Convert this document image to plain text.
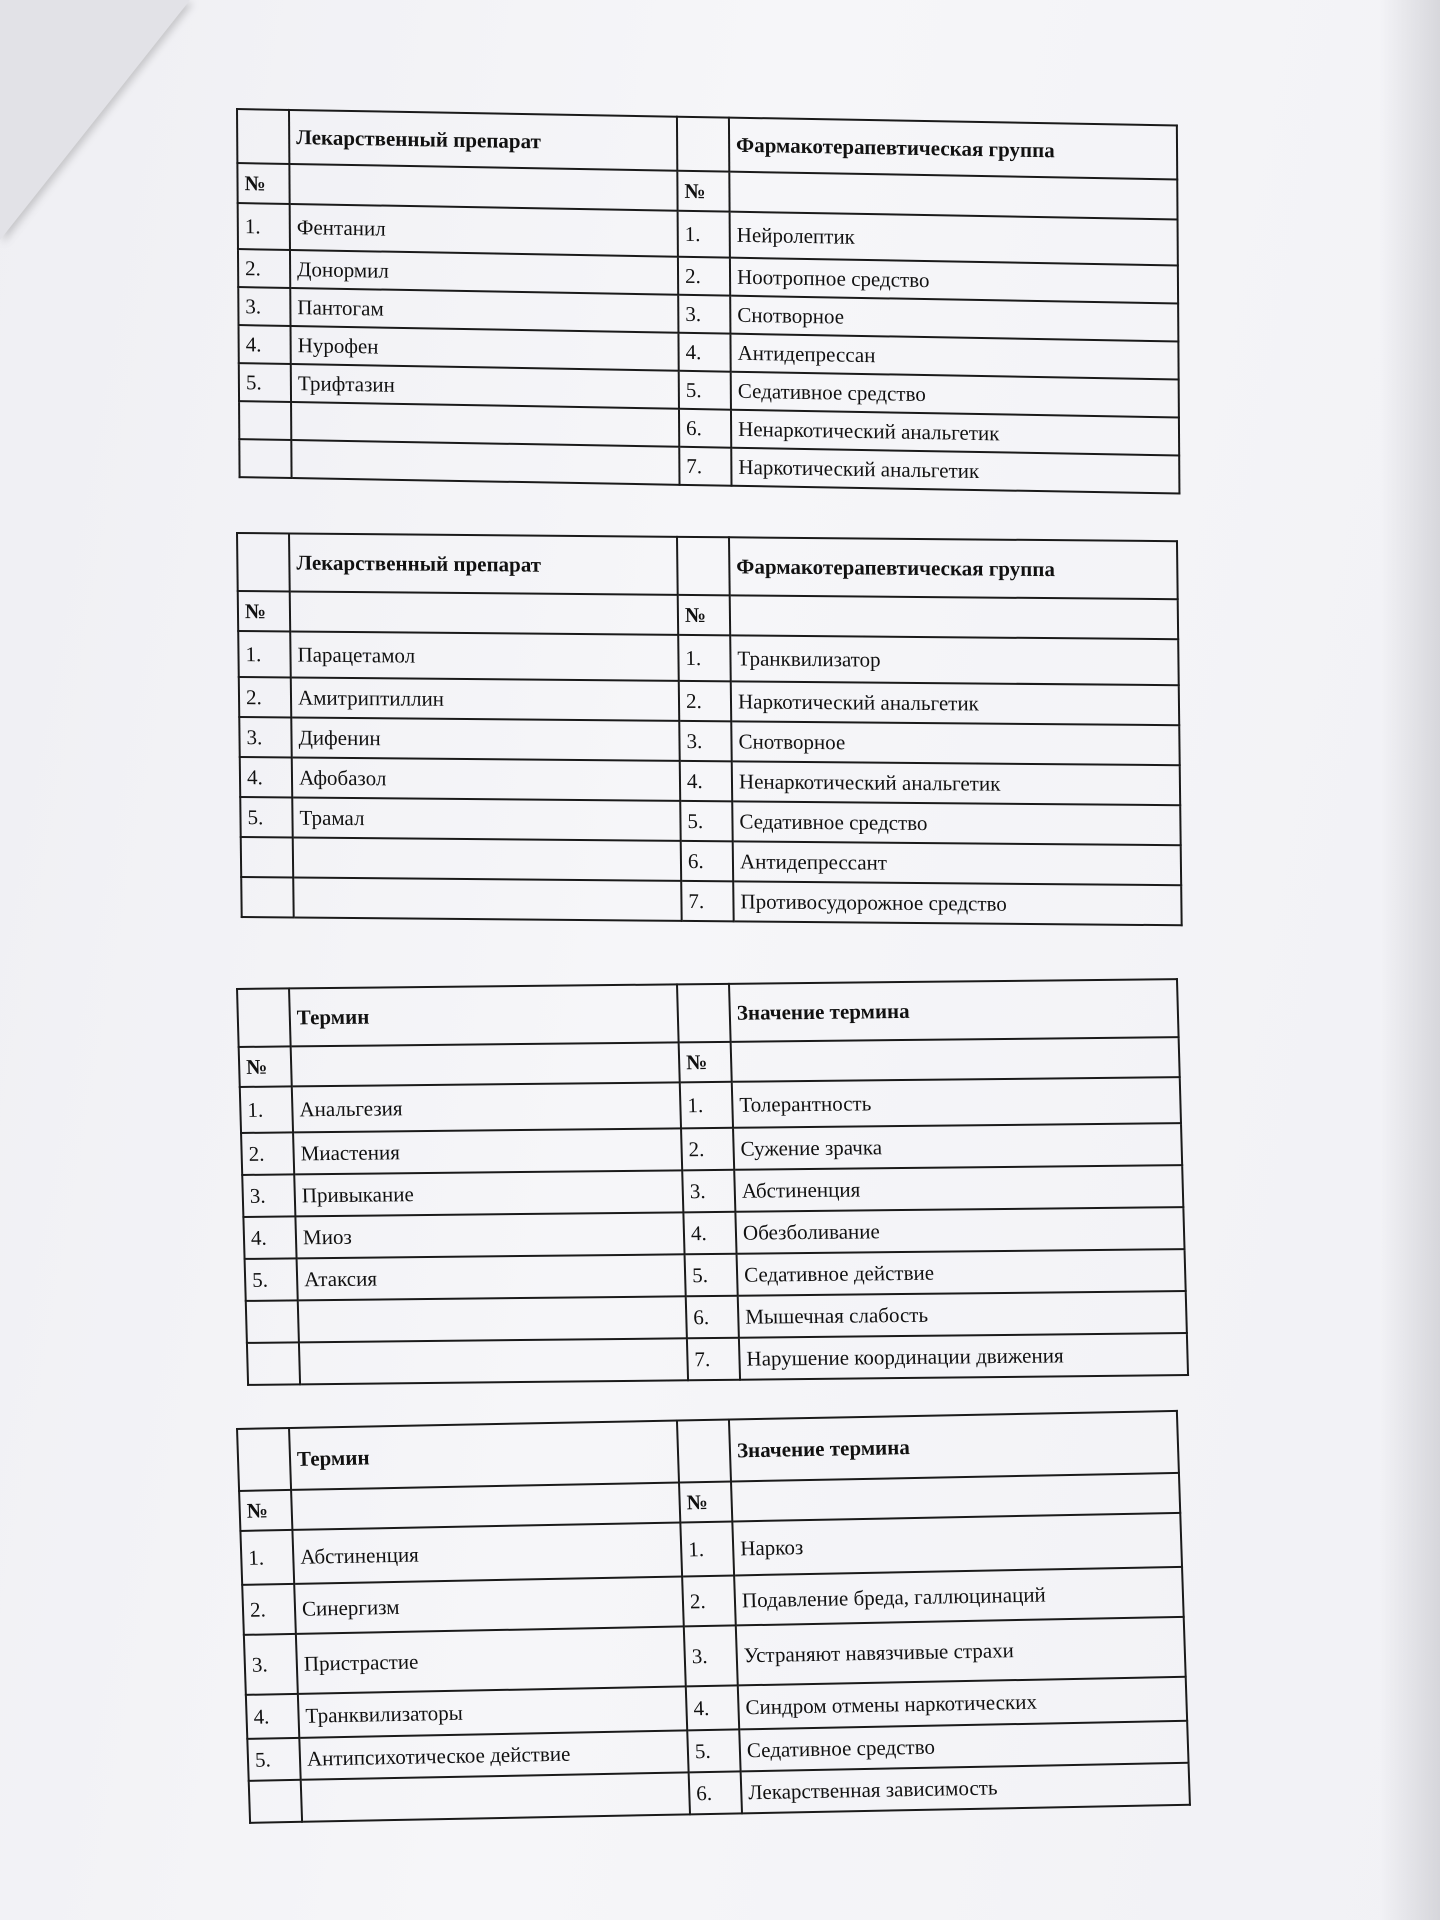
	Лекарственный препарат		Фармакотерапевтическая группа
№		№	
1.	Фентанил	1.	Нейролептик
2.	Донормил	2.	Ноотропное средство
3.	Пантогам	3.	Снотворное
4.	Нурофен	4.	Антидепрессан
5.	Трифтазин	5.	Седативное средство
		6.	Ненаркотический анальгетик
		7.	Наркотический анальгетик
	Лекарственный препарат		Фармакотерапевтическая группа
№		№	
1.	Парацетамол	1.	Транквилизатор
2.	Амитриптиллин	2.	Наркотический анальгетик
3.	Дифенин	3.	Снотворное
4.	Афобазол	4.	Ненаркотический анальгетик
5.	Трамал	5.	Седативное средство
		6.	Антидепрессант
		7.	Противосудорожное средство
	Термин		Значение термина
№		№	
1.	Анальгезия	1.	Толерантность
2.	Миастения	2.	Сужение зрачка
3.	Привыкание	3.	Абстиненция
4.	Миоз	4.	Обезболивание
5.	Атаксия	5.	Седативное действие
		6.	Мышечная слабость
		7.	Нарушение координации движения
	Термин		Значение термина
№		№	
1.	Абстиненция	1.	Наркоз
2.	Синергизм	2.	Подавление бреда, галлюцинаций
3.	Пристрастие	3.	Устраняют навязчивые страхи
4.	Транквилизаторы	4.	Синдром отмены наркотических
5.	Антипсихотическое действие	5.	Седативное средство
		6.	Лекарственная зависимость
